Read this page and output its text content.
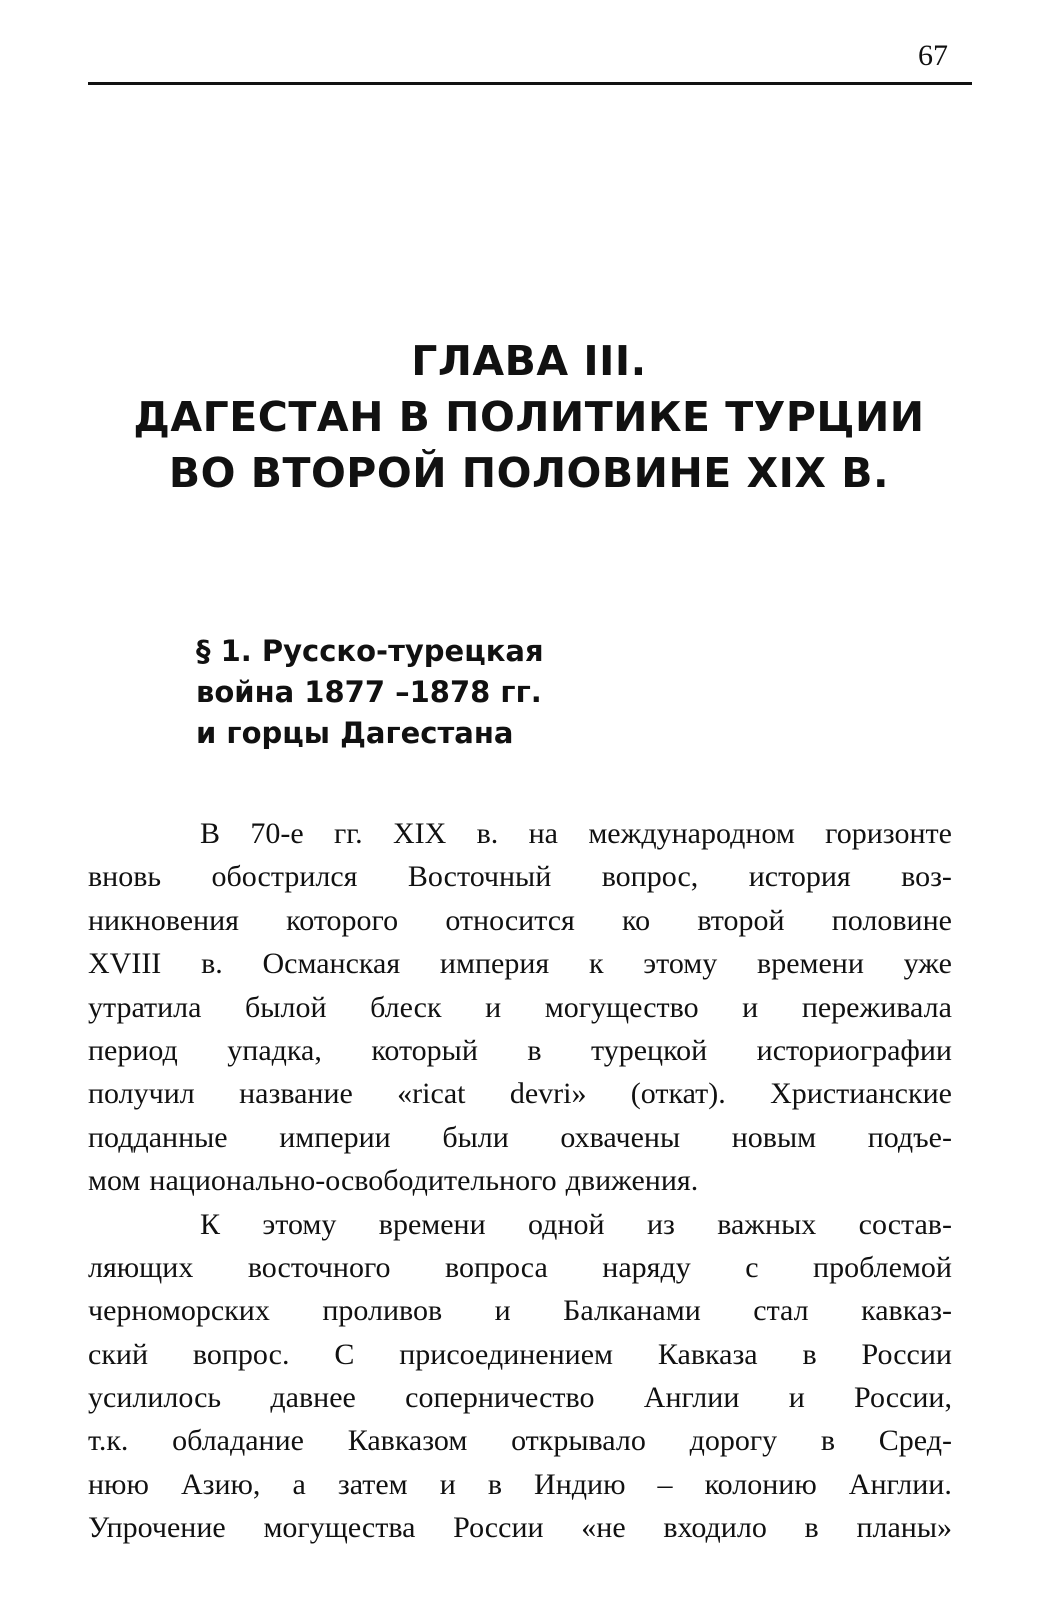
67
ГЛАВА III.
ДАГЕСТАН В ПОЛИТИКЕ ТУРЦИИ
ВО ВТОРОЙ ПОЛОВИНЕ XIX В.
§ 1. Русско-турецкая
война 1877 –1878 гг.
и горцы Дагестана
В 70-е гг. XIX в. на международном горизонте
вновь обострился Восточный вопрос, история воз-
никновения которого относится ко второй половине
XVIII в. Османская империя к этому времени уже
утратила былой блеск и могущество и переживала
период упадка, который в турецкой историографии
получил название «ricat devri» (откат). Христианские
подданные империи были охвачены новым подъе-
мом национально-освободительного движения.
К этому времени одной из важных состав-
ляющих восточного вопроса наряду с проблемой
черноморских проливов и Балканами стал кавказ-
ский вопрос. С присоединением Кавказа в России
усилилось давнее соперничество Англии и России,
т.к. обладание Кавказом открывало дорогу в Сред-
нюю Азию, а затем и в Индию – колонию Англии.
Упрочение могущества России «не входило в планы»
